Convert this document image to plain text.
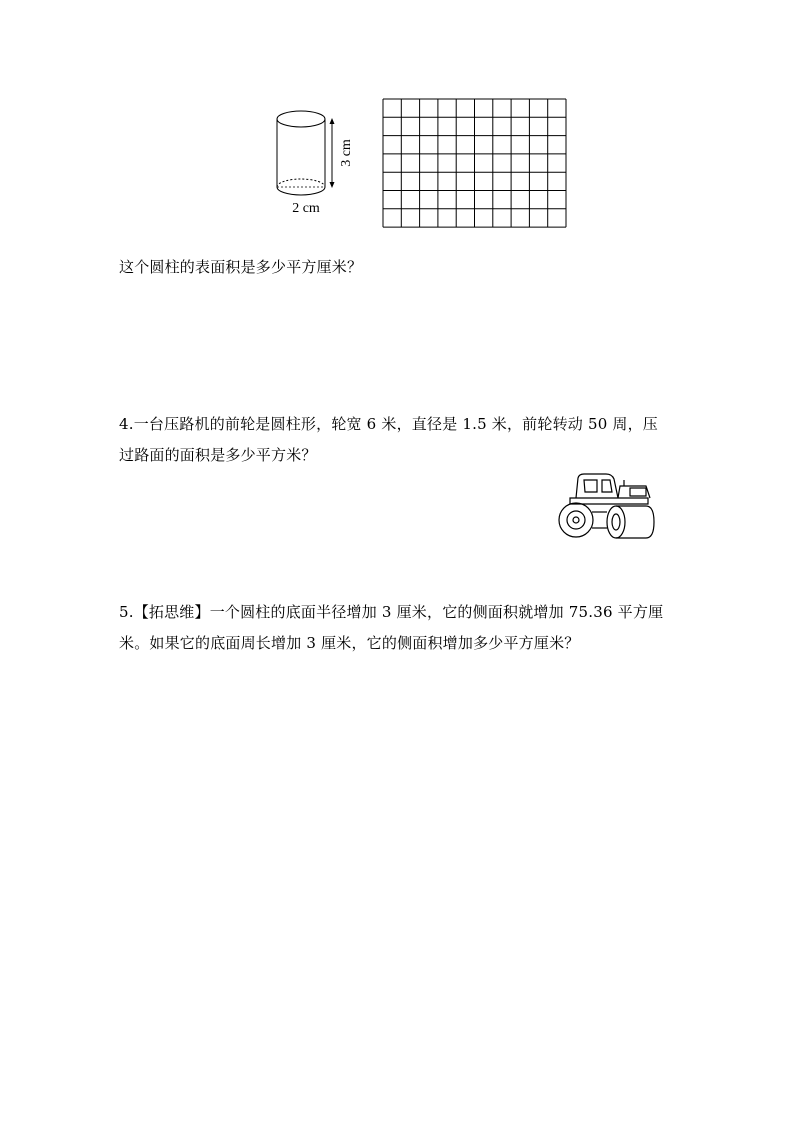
3 cm
2 cm
这个圆柱的表面积是多少平方厘米？
4.一台压路机的前轮是圆柱形，轮宽 6 米，直径是 1.5 米，前轮转动 50 周，压
过路面的面积是多少平方米？
5.【拓思维】一个圆柱的底面半径增加 3 厘米，它的侧面积就增加 75.36 平方厘
米。如果它的底面周长增加 3 厘米，它的侧面积增加多少平方厘米？
